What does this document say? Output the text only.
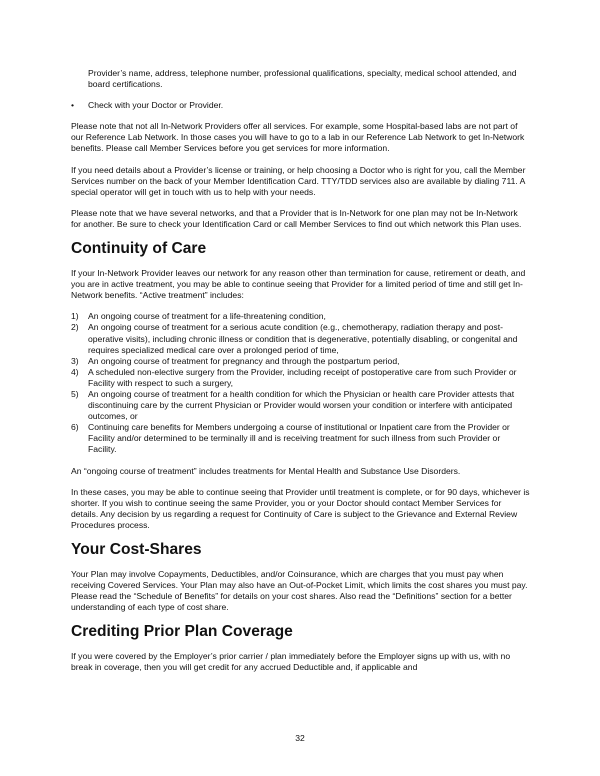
Provider’s name, address, telephone number, professional qualifications, specialty, medical school attended, and board certifications.

• Check with your Doctor or Provider.

Please note that not all In-Network Providers offer all services. For example, some Hospital-based labs are not part of our Reference Lab Network. In those cases you will have to go to a lab in our Reference Lab Network to get In-Network benefits. Please call Member Services before you get services for more information.

If you need details about a Provider’s license or training, or help choosing a Doctor who is right for you, call the Member Services number on the back of your Member Identification Card. TTY/TDD services also are available by dialing 711. A special operator will get in touch with us to help with your needs.

Please note that we have several networks, and that a Provider that is In-Network for one plan may not be In-Network for another. Be sure to check your Identification Card or call Member Services to find out which network this Plan uses.

Continuity of Care

If your In-Network Provider leaves our network for any reason other than termination for cause, retirement or death, and you are in active treatment, you may be able to continue seeing that Provider for a limited period of time and still get In-Network benefits. “Active treatment” includes:

1) An ongoing course of treatment for a life-threatening condition,
2) An ongoing course of treatment for a serious acute condition (e.g., chemotherapy, radiation therapy and post-operative visits), including chronic illness or condition that is degenerative, potentially disabling, or congenital and requires specialized medical care over a prolonged period of time,
3) An ongoing course of treatment for pregnancy and through the postpartum period,
4) A scheduled non-elective surgery from the Provider, including receipt of postoperative care from such Provider or Facility with respect to such a surgery,
5) An ongoing course of treatment for a health condition for which the Physician or health care Provider attests that discontinuing care by the current Physician or Provider would worsen your condition or interfere with anticipated outcomes, or
6) Continuing care benefits for Members undergoing a course of institutional or Inpatient care from the Provider or Facility and/or determined to be terminally ill and is receiving treatment for such illness from such Provider or Facility.

An “ongoing course of treatment” includes treatments for Mental Health and Substance Use Disorders.

In these cases, you may be able to continue seeing that Provider until treatment is complete, or for 90 days, whichever is shorter. If you wish to continue seeing the same Provider, you or your Doctor should contact Member Services for details. Any decision by us regarding a request for Continuity of Care is subject to the Grievance and External Review Procedures process.

Your Cost-Shares

Your Plan may involve Copayments, Deductibles, and/or Coinsurance, which are charges that you must pay when receiving Covered Services. Your Plan may also have an Out-of-Pocket Limit, which limits the cost shares you must pay. Please read the “Schedule of Benefits” for details on your cost shares. Also read the “Definitions” section for a better understanding of each type of cost share.

Crediting Prior Plan Coverage

If you were covered by the Employer’s prior carrier / plan immediately before the Employer signs up with us, with no break in coverage, then you will get credit for any accrued Deductible and, if applicable and

32
